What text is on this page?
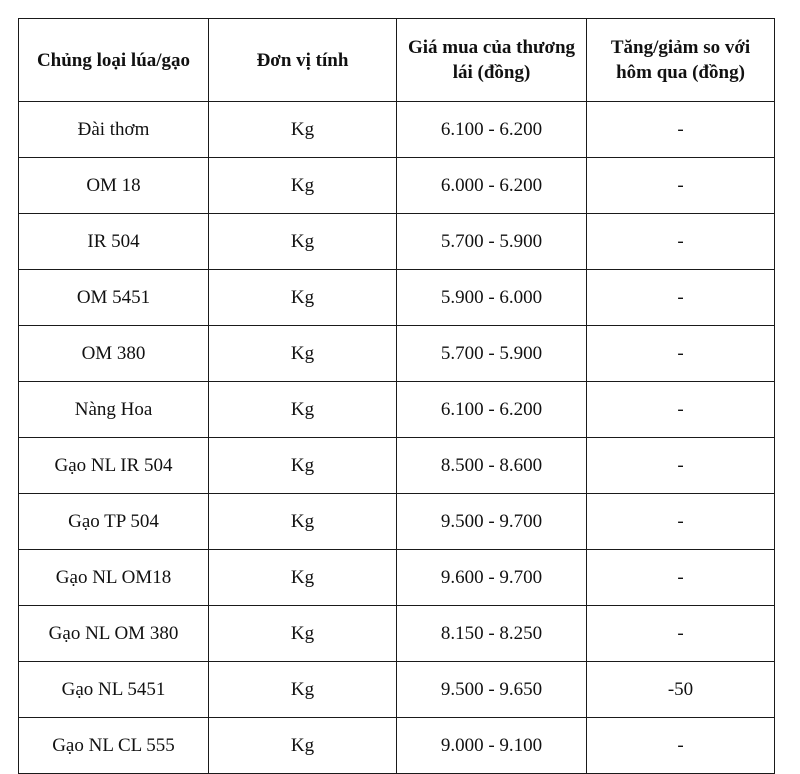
Chủng loại lúa/gạo	Đơn vị tính	Giá mua của thương lái (đồng)	Tăng/giảm so với hôm qua (đồng)
Đài thơm	Kg	6.100 - 6.200	-
OM 18	Kg	6.000 - 6.200	-
IR 504	Kg	5.700 - 5.900	-
OM 5451	Kg	5.900 - 6.000	-
OM 380	Kg	5.700 - 5.900	-
Nàng Hoa	Kg	6.100 - 6.200	-
Gạo NL IR 504	Kg	8.500 - 8.600	-
Gạo TP 504	Kg	9.500 - 9.700	-
Gạo NL OM18	Kg	9.600 - 9.700	-
Gạo NL OM 380	Kg	8.150 - 8.250	-
Gạo NL 5451	Kg	9.500 - 9.650	-50
Gạo NL CL 555	Kg	9.000 - 9.100	-
